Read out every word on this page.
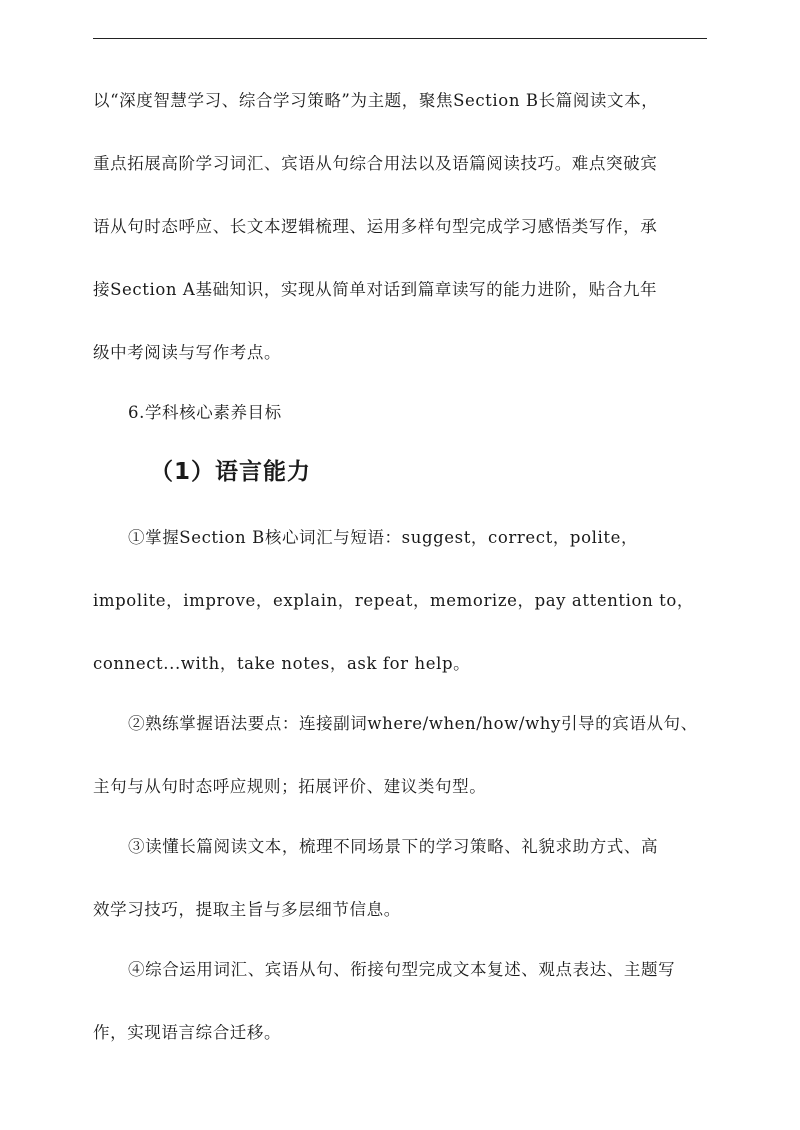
以“深度智慧学习、综合学习策略”为主题，聚焦Section B长篇阅读文本，
重点拓展高阶学习词汇、宾语从句综合用法以及语篇阅读技巧。难点突破宾
语从句时态呼应、长文本逻辑梳理、运用多样句型完成学习感悟类写作，承
接Section A基础知识，实现从简单对话到篇章读写的能力进阶，贴合九年
级中考阅读与写作考点。
6.学科核心素养目标
（1）语言能力
①掌握Section B核心词汇与短语：suggest，correct，polite，
impolite，improve，explain，repeat，memorize，pay attention to，
connect...with，take notes，ask for help。
②熟练掌握语法要点：连接副词where/when/how/why引导的宾语从句、
主句与从句时态呼应规则；拓展评价、建议类句型。
③读懂长篇阅读文本，梳理不同场景下的学习策略、礼貌求助方式、高
效学习技巧，提取主旨与多层细节信息。
④综合运用词汇、宾语从句、衔接句型完成文本复述、观点表达、主题写
作，实现语言综合迁移。
